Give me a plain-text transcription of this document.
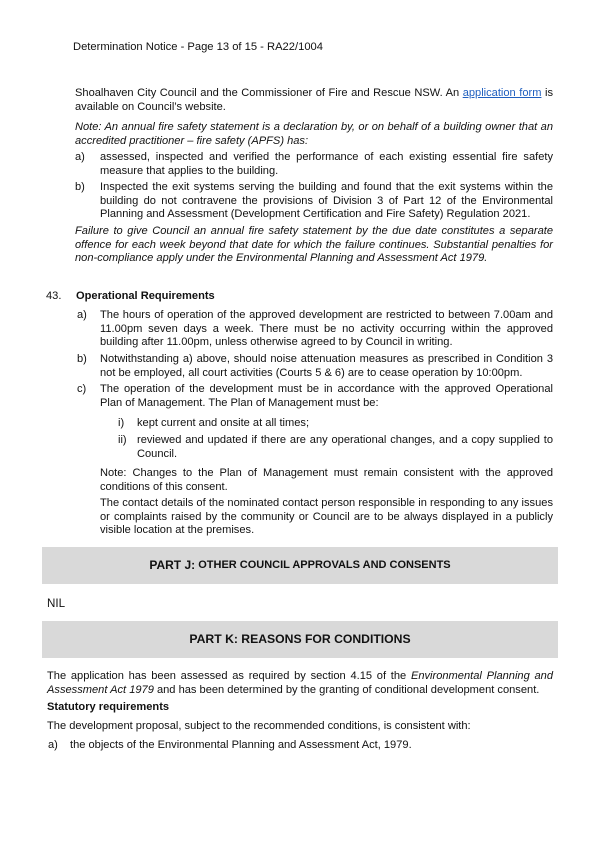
Determination Notice - Page 13 of 15 - RA22/1004
Shoalhaven City Council and the Commissioner of Fire and Rescue NSW. An application form is available on Council’s website.
Note: An annual fire safety statement is a declaration by, or on behalf of a building owner that an accredited practitioner – fire safety (APFS) has:
a) assessed, inspected and verified the performance of each existing essential fire safety measure that applies to the building.
b) Inspected the exit systems serving the building and found that the exit systems within the building do not contravene the provisions of Division 3 of Part 12 of the Environmental Planning and Assessment (Development Certification and Fire Safety) Regulation 2021.
Failure to give Council an annual fire safety statement by the due date constitutes a separate offence for each week beyond that date for which the failure continues. Substantial penalties for non-compliance apply under the Environmental Planning and Assessment Act 1979.
43. Operational Requirements
a) The hours of operation of the approved development are restricted to between 7.00am and 11.00pm seven days a week. There must be no activity occurring within the approved building after 11.00pm, unless otherwise agreed to by Council in writing.
b) Notwithstanding a) above, should noise attenuation measures as prescribed in Condition 3 not be employed, all court activities (Courts 5 & 6) are to cease operation by 10:00pm.
c) The operation of the development must be in accordance with the approved Operational Plan of Management. The Plan of Management must be:
i) kept current and onsite at all times;
ii) reviewed and updated if there are any operational changes, and a copy supplied to Council.
Note: Changes to the Plan of Management must remain consistent with the approved conditions of this consent.
The contact details of the nominated contact person responsible in responding to any issues or complaints raised by the community or Council are to be always displayed in a publicly visible location at the premises.
PART J:
OTHER COUNCIL APPROVALS AND CONSENTS
NIL
PART K: REASONS FOR CONDITIONS
The application has been assessed as required by section 4.15 of the Environmental Planning and Assessment Act 1979 and has been determined by the granting of conditional development consent.
Statutory requirements
The development proposal, subject to the recommended conditions, is consistent with:
a) the objects of the Environmental Planning and Assessment Act, 1979.
